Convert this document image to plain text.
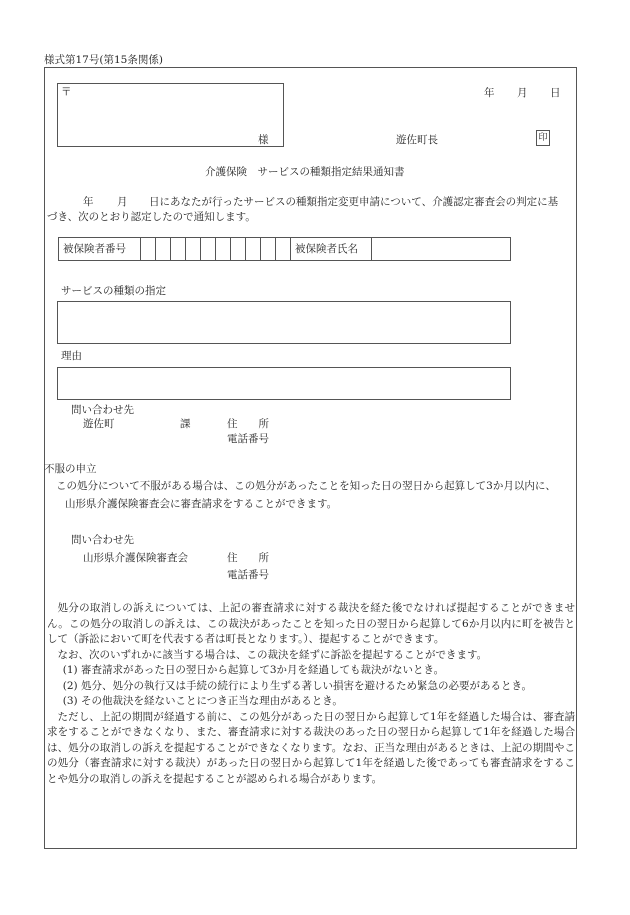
様式第17号(第15条関係)
〒
様
年 月 日
遊佐町長	印
介護保険　サービスの種類指定結果通知書
年 月 日にあなたが行ったサービスの種類指定変更申請について、介護認定審査会の判定に基
づき、次のとおり認定したので通知します。
被保険者番号	被保険者氏名
サービスの種類の指定
理由
問い合わせ先
遊佐町	課	住　　所
電話番号
不服の申立
この処分について不服がある場合は、この処分があったことを知った日の翌日から起算して3か月以内に、
山形県介護保険審査会に審査請求をすることができます。
問い合わせ先
山形県介護保険審査会	住　　所
電話番号

処分の取消しの訴えについては、上記の審査請求に対する裁決を経た後でなければ提起することができません。この処分の取消しの訴えは、この裁決があったことを知った日の翌日から起算して6か月以内に町を被告として（訴訟において町を代表する者は町長となります。）、提起することができます。

なお、次のいずれかに該当する場合は、この裁決を経ずに訴訟を提起することができます。

(1) 審査請求があった日の翌日から起算して3か月を経過しても裁決がないとき。

(2) 処分、処分の執行又は手続の続行により生ずる著しい損害を避けるため緊急の必要があるとき。

(3) その他裁決を経ないことにつき正当な理由があるとき。

ただし、上記の期間が経過する前に、この処分があった日の翌日から起算して1年を経過した場合は、審査請求をすることができなくなり、また、審査請求に対する裁決のあった日の翌日から起算して1年を経過した場合は、処分の取消しの訴えを提起することができなくなります。なお、正当な理由があるときは、上記の期間やこの処分（審査請求に対する裁決）があった日の翌日から起算して1年を経過した後であっても審査請求をすることや処分の取消しの訴えを提起することが認められる場合があります。
